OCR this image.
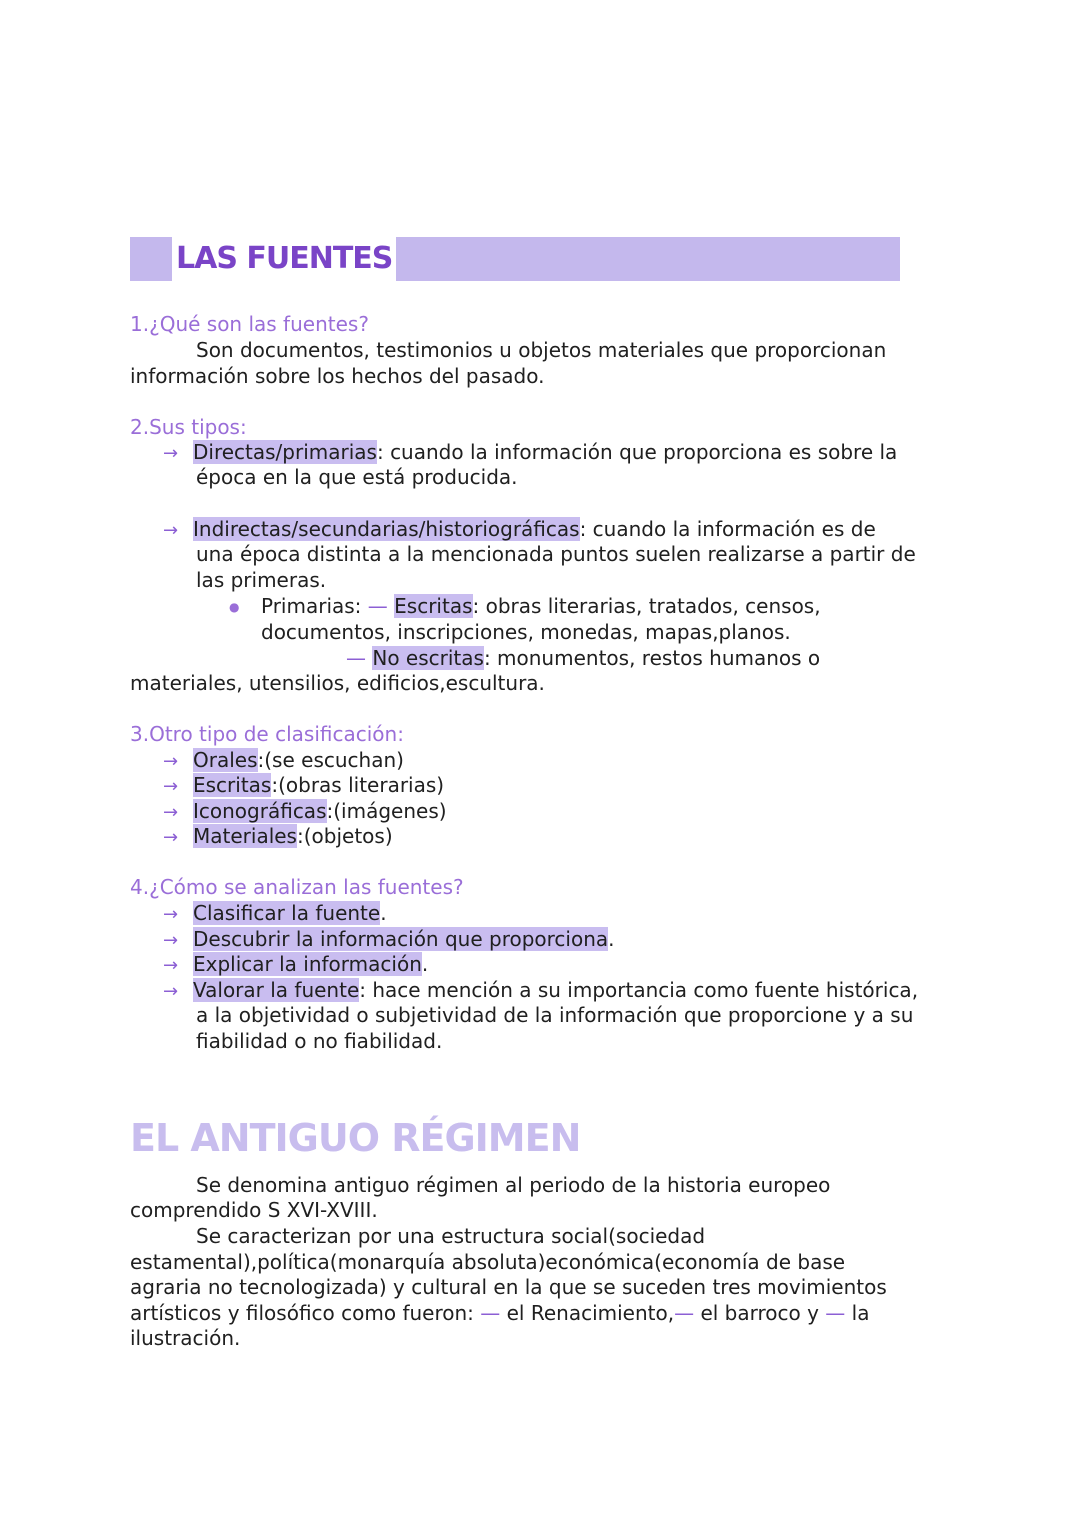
LAS FUENTES
1.¿Qué son las fuentes?
Son documentos, testimonios u objetos materiales que proporcionan
información sobre los hechos del pasado.
2.Sus tipos:
→ Directas/primarias: cuando la información que proporciona es sobre la
época en la que está producida.
→ Indirectas/secundarias/historiográficas: cuando la información es de
una época distinta a la mencionada puntos suelen realizarse a partir de
las primeras.
● Primarias: — Escritas: obras literarias, tratados, censos,
documentos, inscripciones, monedas, mapas,planos.
— No escritas: monumentos, restos humanos o
materiales, utensilios, edificios,escultura.
3.Otro tipo de clasificación:
→ Orales:(se escuchan)
→ Escritas:(obras literarias)
→ Iconográficas:(imágenes)
→ Materiales:(objetos)
4.¿Cómo se analizan las fuentes?
→ Clasificar la fuente.
→ Descubrir la información que proporciona.
→ Explicar la información.
→ Valorar la fuente: hace mención a su importancia como fuente histórica,
a la objetividad o subjetividad de la información que proporcione y a su
fiabilidad o no fiabilidad.
EL ANTIGUO RÉGIMEN
Se denomina antiguo régimen al periodo de la historia europeo
comprendido S XVI-XVIII.
Se caracterizan por una estructura social(sociedad
estamental),política(monarquía absoluta)económica(economía de base
agraria no tecnologizada) y cultural en la que se suceden tres movimientos
artísticos y filosófico como fueron: — el Renacimiento,— el barroco y — la
ilustración.
